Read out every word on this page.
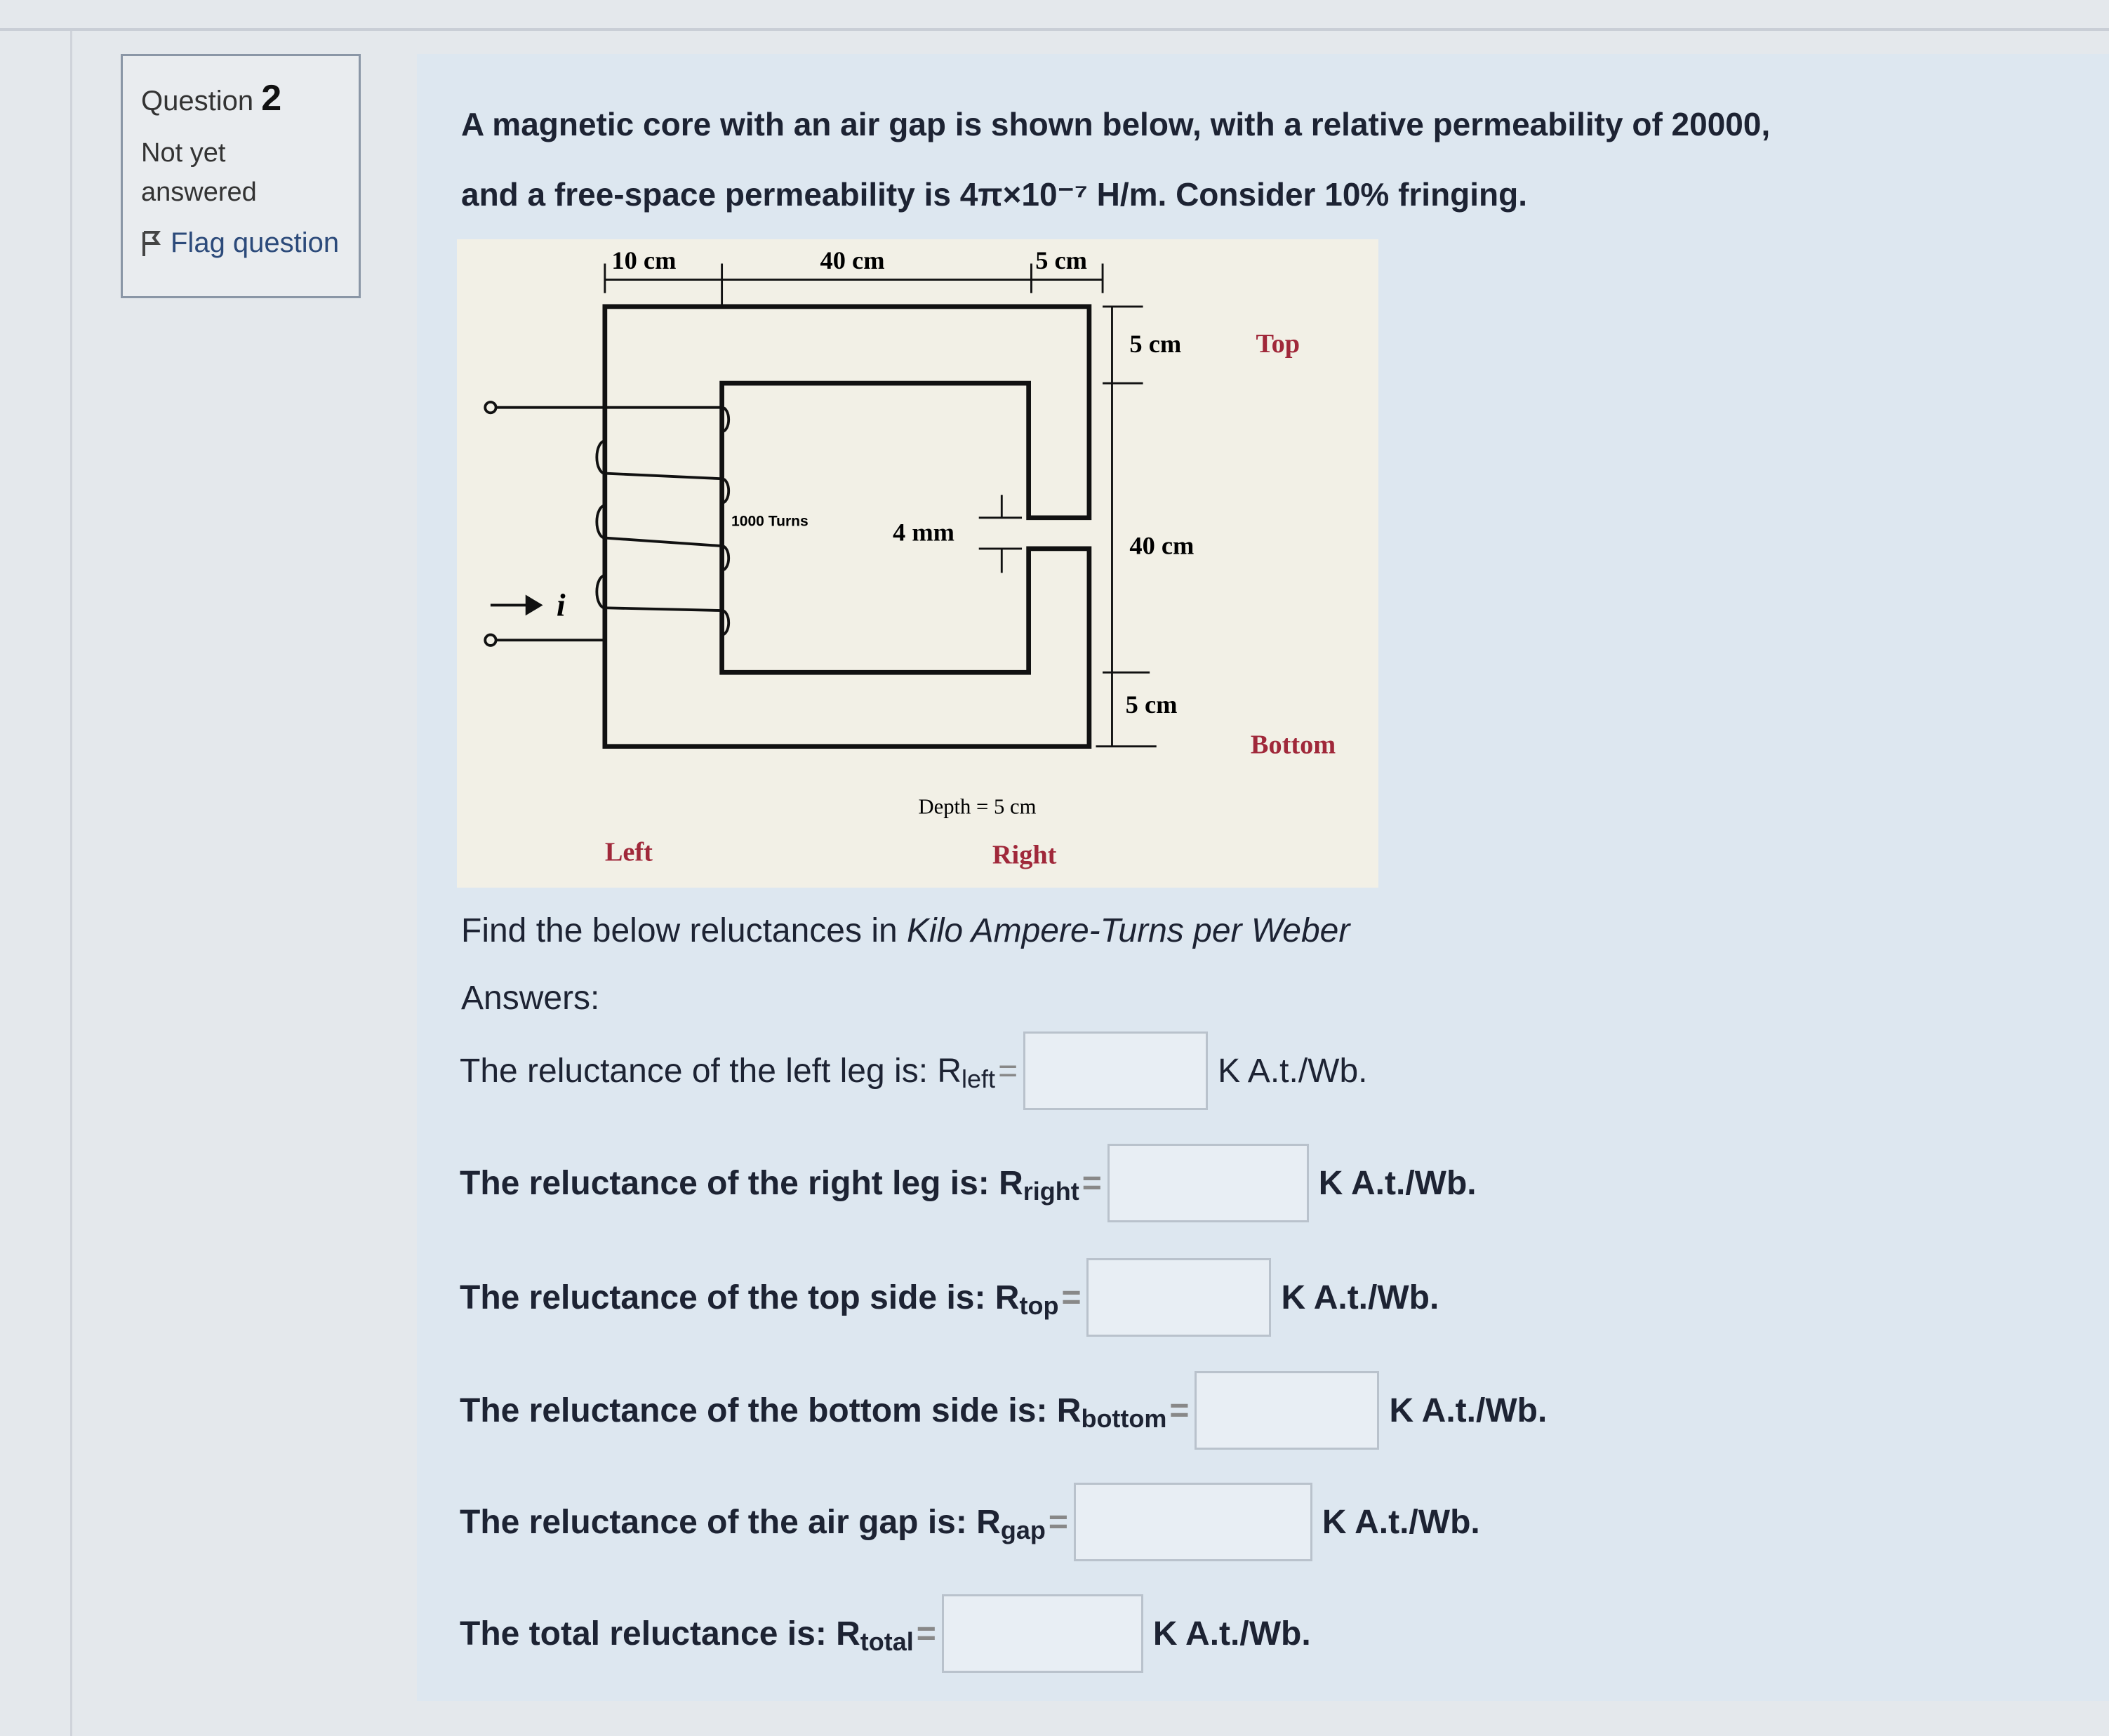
Question 2
Not yet answered
Flag question
A magnetic core with an air gap is shown below, with a relative permeability of 20000,
and a free-space permeability is 4π×10⁻⁷ H/m. Consider 10% fringing.
10 cm	40 cm	5 cm
5 cm
40 cm
5 cm
Top
Bottom
i
1000 Turns	4 mm
Depth = 5 cm
Left	Right
Find the below reluctances in Kilo Ampere-Turns per Weber
Answers:
The reluctance of the left leg is: $R_{left}$ =	K A.t./Wb.
The reluctance of the right leg is: $R_{right}$ =	K A.t./Wb.
The reluctance of the top side is: $R_{top}$ =	K A.t./Wb.
The reluctance of the bottom side is: $R_{bottom}$ =	K A.t./Wb.
The reluctance of the air gap is: $R_{gap}$ =	K A.t./Wb.
The total reluctance is: $R_{total}$ =	K A.t./Wb.
